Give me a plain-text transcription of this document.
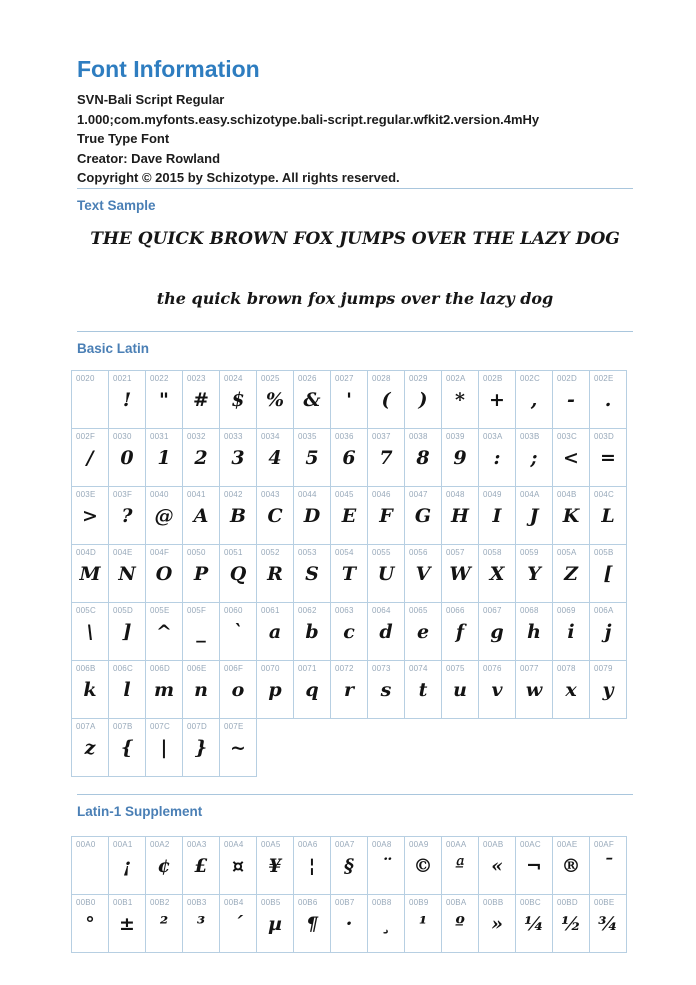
Font Information
SVN-Bali Script Regular
1.000;com.myfonts.easy.schizotype.bali-script.regular.wfkit2.version.4mHy
True Type Font
Creator: Dave Rowland
Copyright © 2015 by Schizotype. All rights reserved.
Text Sample
THE QUICK BROWN FOX JUMPS OVER THE LAZY DOG
the quick brown fox jumps over the lazy dog
Basic Latin
0020 0021
!
0022
"
0023
#
0024
$
0025
%
0026
&
0027
'
0028
(
0029
)
002A
*
002B
+
002C
,
002D
-
002E
.
002F
/
0030
0
0031
1
0032
2
0033
3
0034
4
0035
5
0036
6
0037
7
0038
8
0039
9
003A
:
003B
;
003C
<
003D
=
003E
>
003F
?
0040
@
0041
A
0042
B
0043
C
0044
D
0045
E
0046
F
0047
G
0048
H
0049
I
004A
J
004B
K
004C
L
004D
M
004E
N
004F
O
0050
P
0051
Q
0052
R
0053
S
0054
T
0055
U
0056
V
0057
W
0058
X
0059
Y
005A
Z
005B
[
005C
\
005D
]
005E
^
005F
_
0060
`
0061
a
0062
b
0063
c
0064
d
0065
e
0066
f
0067
g
0068
h
0069
i
006A
j
006B
k
006C
l
006D
m
006E
n
006F
o
0070
p
0071
q
0072
r
0073
s
0074
t
0075
u
0076
v
0077
w
0078
x
0079
y
007A
z
007B
{
007C
|
007D
}
007E
~
Latin-1 Supplement
00A0 00A1
¡
00A2
¢
00A3
£
00A4
¤
00A5
¥
00A6
¦
00A7
§
00A8
¨
00A9
©
00AA
ª
00AB
«
00AC
¬
00AE
®
00AF
¯
00B0
°
00B1
±
00B2
²
00B3
³
00B4
´
00B5
µ
00B6
¶
00B7
·
00B8
¸
00B9
¹
00BA
º
00BB
»
00BC
¼
00BD
½
00BE
¾
